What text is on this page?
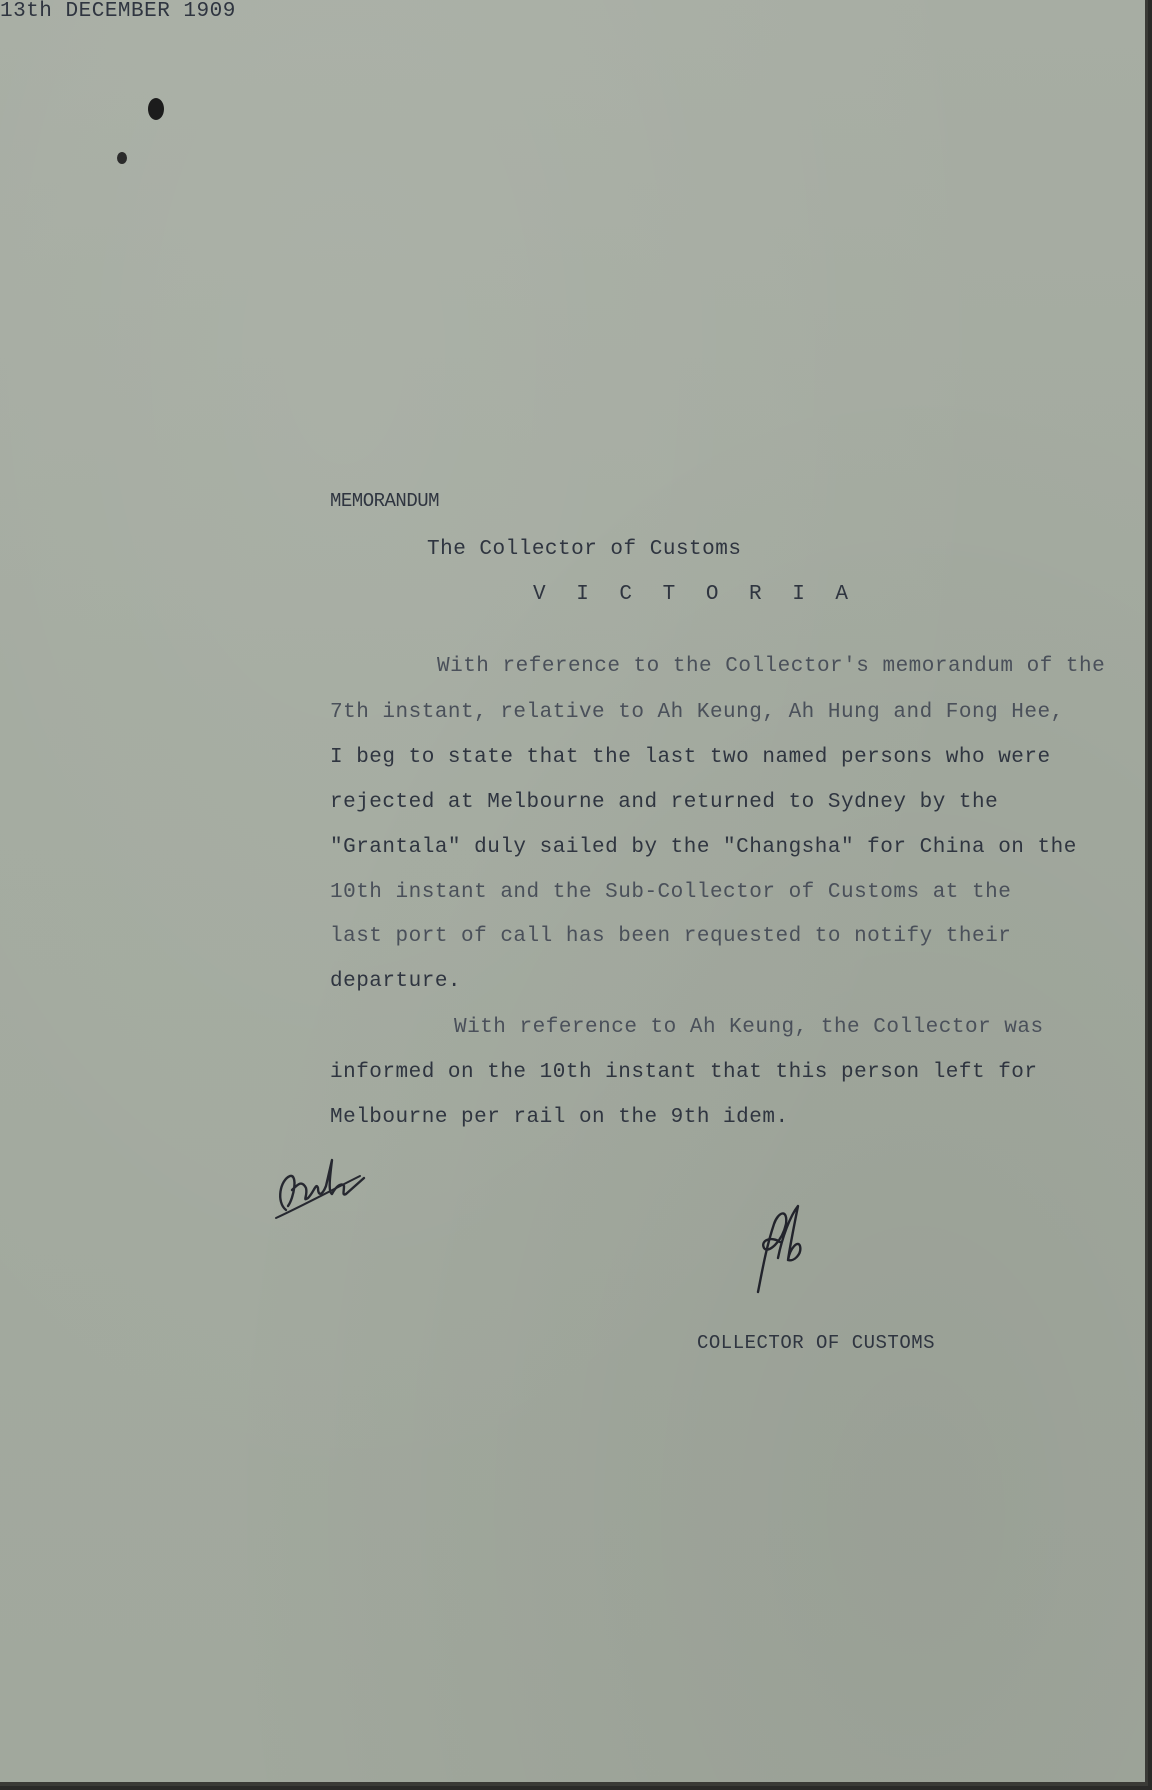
13th DECEMBER 1909
MEMORANDUM
The Collector of Customs
V I C T O R I A
With reference to the Collector's memorandum of the
7th instant, relative to Ah Keung, Ah Hung and Fong Hee,
I beg to state that the last two named persons who were
rejected at Melbourne and returned to Sydney by the
"Grantala" duly sailed by the "Changsha" for China on the
10th instant and the Sub-Collector of Customs at the
last port of call has been requested to notify their
departure.
With reference to Ah Keung, the Collector was
informed on the 10th instant that this person left for
Melbourne per rail on the 9th idem.
COLLECTOR OF CUSTOMS
